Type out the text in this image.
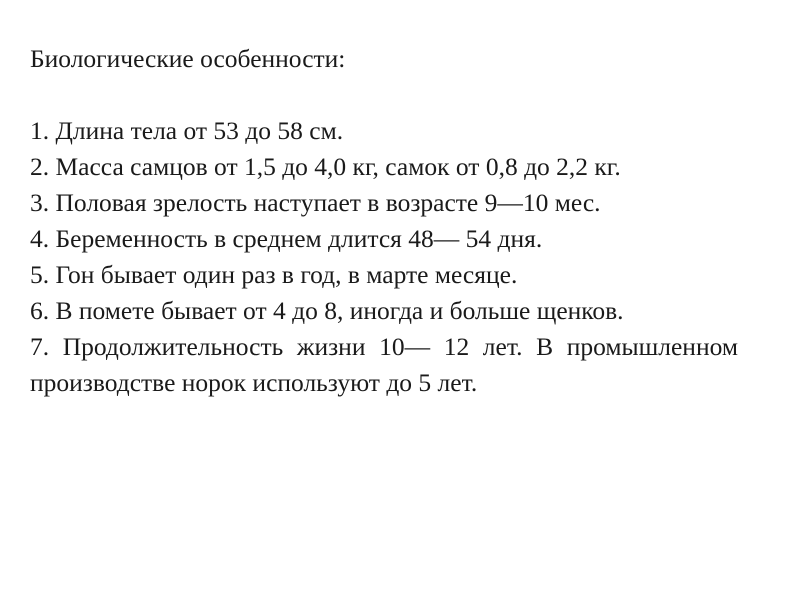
Биологические особенности:

1. Длина тела от 53 до 58 см.

2. Масса самцов от 1,5 до 4,0 кг, самок от 0,8 до 2,2 кг.

3. Половая зрелость наступает в возрасте 9—10 мес.

4. Беременность в среднем длится 48— 54 дня.

5. Гон бывает один раз в год, в марте месяце.

6. В помете бывает от 4 до 8, иногда и больше щенков.

7. Продолжительность жизни 10— 12 лет. В промышленном производстве норок используют до 5 лет.
